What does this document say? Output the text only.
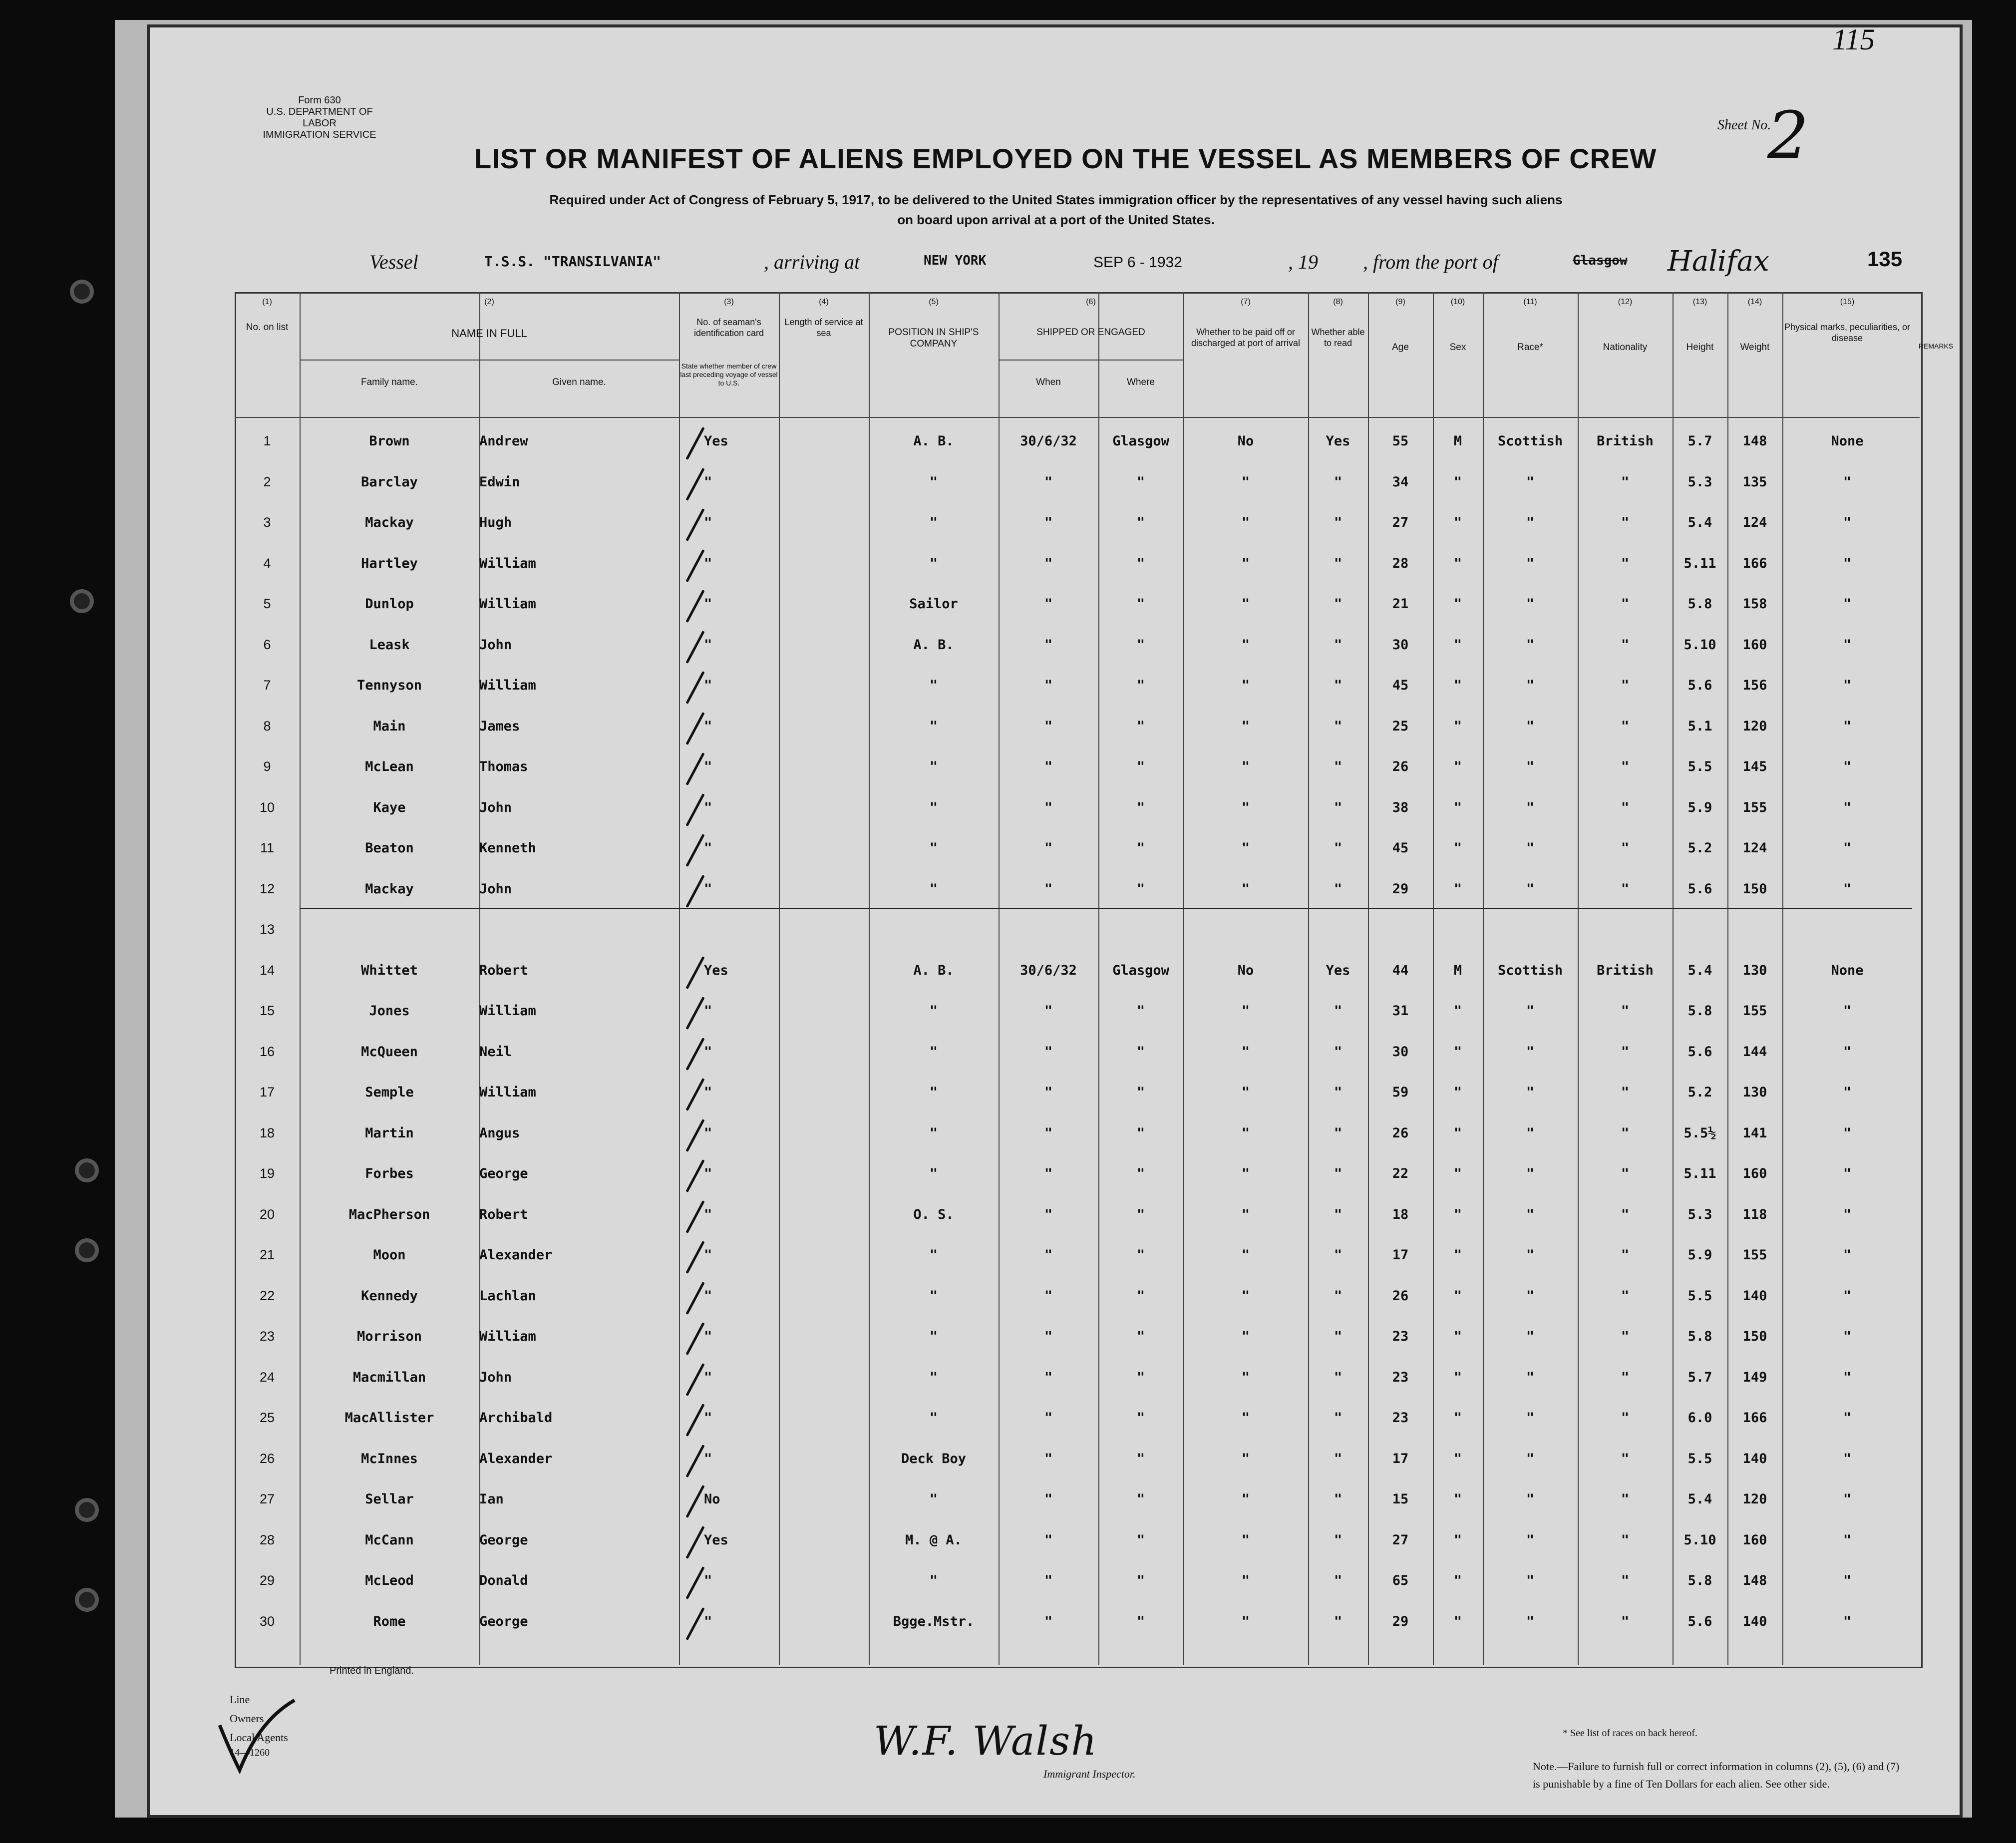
Form 630
U.S. DEPARTMENT OF LABOR
IMMIGRATION SERVICE
Sheet No.
2
115
LIST OR MANIFEST OF ALIENS EMPLOYED ON THE VESSEL AS MEMBERS OF CREW
Required under Act of Congress of February 5, 1917, to be delivered to the United States immigration officer by the representatives of any vessel having such aliens
on board upon arrival at a port of the United States.
Vessel	T.S.S. "TRANSILVANIA"	, arriving at	NEW YORK	SEP 6 - 1932	, 19 , from the port of	Glasgow Halifax	135
Printed in England.
Line
Owners
Local Agents
14—1260	W.F. Walsh
Immigrant Inspector.
* See list of races on back hereof.
Note.—Failure to furnish full or correct information in columns (2), (5), (6) and (7)
is punishable by a fine of Ten Dollars for each alien. See other side.
(1)
No. on list
(2)
NAME IN FULL
Family name.	Given name.
(3)
No. of seaman's identification card
State whether member of crew last preceding voyage of vessel to U.S.
(4)
Length of service at sea
(5)
POSITION IN SHIP'S COMPANY
(6)
SHIPPED OR ENGAGED
When	Where
(7)
Whether to be paid off or discharged at port of arrival
(8)
Whether able to read
(9)
Age
(10)
Sex
(11)
Race*
(12)
Nationality
(13)
Height
(14)
Weight
(15)
Physical marks, peculiarities, or disease
REMARKS
1	Brown	Andrew	Yes	A. B.	30/6/32	Glasgow	No	Yes	55	M	Scottish	British	5.7	148	None
2	Barclay	Edwin	"	"	"	"	"	"	34	"	"	"	5.3	135	"
3	Mackay	Hugh	"	"	"	"	"	"	27	"	"	"	5.4	124	"
4	Hartley	William	"	"	"	"	"	"	28	"	"	"	5.11	166	"
5	Dunlop	William	"	Sailor	"	"	"	"	21	"	"	"	5.8	158	"
6	Leask	John	"	A. B.	"	"	"	"	30	"	"	"	5.10	160	"
7	Tennyson	William	"	"	"	"	"	"	45	"	"	"	5.6	156	"
8	Main	James	"	"	"	"	"	"	25	"	"	"	5.1	120	"
9	McLean	Thomas	"	"	"	"	"	"	26	"	"	"	5.5	145	"
10	Kaye	John	"	"	"	"	"	"	38	"	"	"	5.9	155	"
11	Beaton	Kenneth	"	"	"	"	"	"	45	"	"	"	5.2	124	"
12	Mackay	John	"	"	"	"	"	"	29	"	"	"	5.6	150	"
13
14	Whittet	Robert	Yes	A. B.	30/6/32	Glasgow	No	Yes	44	M	Scottish	British	5.4	130	None
15	Jones	William	"	"	"	"	"	"	31	"	"	"	5.8	155	"
16	McQueen	Neil	"	"	"	"	"	"	30	"	"	"	5.6	144	"
17	Semple	William	"	"	"	"	"	"	59	"	"	"	5.2	130	"
18	Martin	Angus	"	"	"	"	"	"	26	"	"	"	5.5½	141	"
19	Forbes	George	"	"	"	"	"	"	22	"	"	"	5.11	160	"
20	MacPherson	Robert	"	O. S.	"	"	"	"	18	"	"	"	5.3	118	"
21	Moon	Alexander	"	"	"	"	"	"	17	"	"	"	5.9	155	"
22	Kennedy	Lachlan	"	"	"	"	"	"	26	"	"	"	5.5	140	"
23	Morrison	William	"	"	"	"	"	"	23	"	"	"	5.8	150	"
24	Macmillan	John	"	"	"	"	"	"	23	"	"	"	5.7	149	"
25	MacAllister	Archibald	"	"	"	"	"	"	23	"	"	"	6.0	166	"
26	McInnes	Alexander	"	Deck Boy	"	"	"	"	17	"	"	"	5.5	140	"
27	Sellar	Ian	No	"	"	"	"	"	15	"	"	"	5.4	120	"
28	McCann	George	Yes	M. @ A.	"	"	"	"	27	"	"	"	5.10	160	"
29	McLeod	Donald	"	"	"	"	"	"	65	"	"	"	5.8	148	"
30	Rome	George	"	Bgge.Mstr.	"	"	"	"	29	"	"	"	5.6	140	"
